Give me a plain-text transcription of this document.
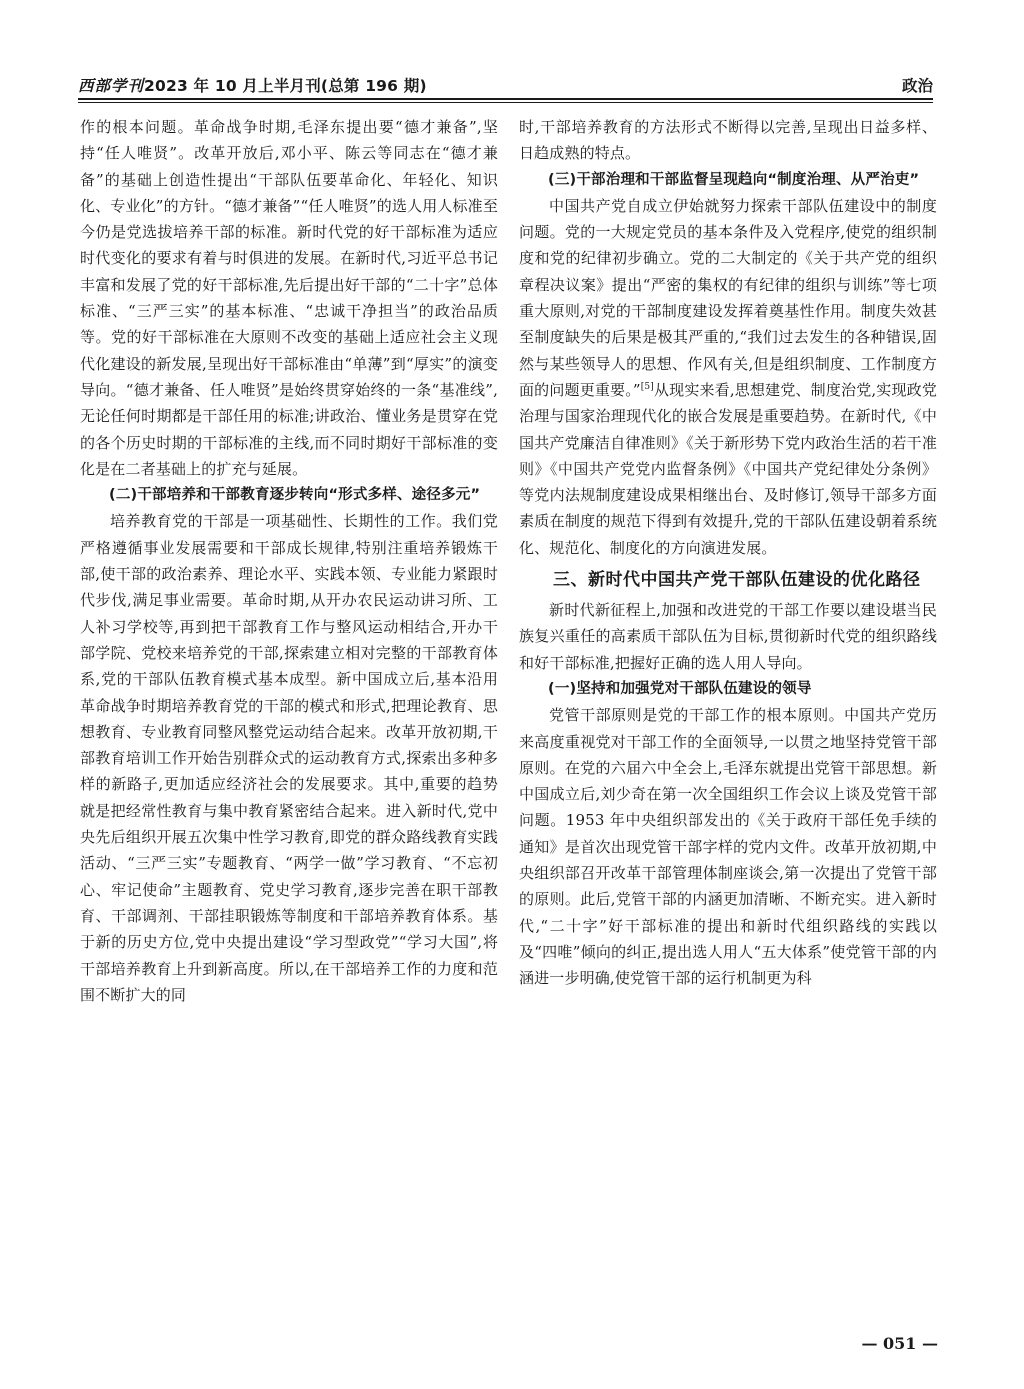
西部学刊2023 年 10 月上半月刊(总第 196 期)	政治

作的根本问题。革命战争时期,毛泽东提出要“德才兼备”,坚持“任人唯贤”。改革开放后,邓小平、陈云等同志在“德才兼备”的基础上创造性提出“干部队伍要革命化、年轻化、知识化、专业化”的方针。“德才兼备”“任人唯贤”的选人用人标准至今仍是党选拔培养干部的标准。新时代党的好干部标准为适应时代变化的要求有着与时俱进的发展。在新时代,习近平总书记丰富和发展了党的好干部标准,先后提出好干部的“二十字”总体标准、“三严三实”的基本标准、“忠诚干净担当”的政治品质等。党的好干部标准在大原则不改变的基础上适应社会主义现代化建设的新发展,呈现出好干部标准由“单薄”到“厚实”的演变导向。“德才兼备、任人唯贤”是始终贯穿始终的一条“基准线”,无论任何时期都是干部任用的标准;讲政治、懂业务是贯穿在党的各个历史时期的干部标准的主线,而不同时期好干部标准的变化是在二者基础上的扩充与延展。

(二)干部培养和干部教育逐步转向“形式多样、途径多元”

培养教育党的干部是一项基础性、长期性的工作。我们党严格遵循事业发展需要和干部成长规律,特别注重培养锻炼干部,使干部的政治素养、理论水平、实践本领、专业能力紧跟时代步伐,满足事业需要。革命时期,从开办农民运动讲习所、工人补习学校等,再到把干部教育工作与整风运动相结合,开办干部学院、党校来培养党的干部,探索建立相对完整的干部教育体系,党的干部队伍教育模式基本成型。新中国成立后,基本沿用革命战争时期培养教育党的干部的模式和形式,把理论教育、思想教育、专业教育同整风整党运动结合起来。改革开放初期,干部教育培训工作开始告别群众式的运动教育方式,探索出多种多样的新路子,更加适应经济社会的发展要求。其中,重要的趋势就是把经常性教育与集中教育紧密结合起来。进入新时代,党中央先后组织开展五次集中性学习教育,即党的群众路线教育实践活动、“三严三实”专题教育、“两学一做”学习教育、“不忘初心、牢记使命”主题教育、党史学习教育,逐步完善在职干部教育、干部调剂、干部挂职锻炼等制度和干部培养教育体系。基于新的历史方位,党中央提出建设“学习型政党”“学习大国”,将干部培养教育上升到新高度。所以,在干部培养工作的力度和范围不断扩大的同

时,干部培养教育的方法形式不断得以完善,呈现出日益多样、日趋成熟的特点。

(三)干部治理和干部监督呈现趋向“制度治理、从严治吏”

中国共产党自成立伊始就努力探索干部队伍建设中的制度问题。党的一大规定党员的基本条件及入党程序,使党的组织制度和党的纪律初步确立。党的二大制定的《关于共产党的组织章程决议案》提出“严密的集权的有纪律的组织与训练”等七项重大原则,对党的干部制度建设发挥着奠基性作用。制度失效甚至制度缺失的后果是极其严重的,“我们过去发生的各种错误,固然与某些领导人的思想、作风有关,但是组织制度、工作制度方面的问题更重要。”[5]从现实来看,思想建党、制度治党,实现政党治理与国家治理现代化的嵌合发展是重要趋势。在新时代,《中国共产党廉洁自律准则》《关于新形势下党内政治生活的若干准则》《中国共产党党内监督条例》《中国共产党纪律处分条例》等党内法规制度建设成果相继出台、及时修订,领导干部多方面素质在制度的规范下得到有效提升,党的干部队伍建设朝着系统化、规范化、制度化的方向演进发展。

三、新时代中国共产党干部队伍建设的优化路径

新时代新征程上,加强和改进党的干部工作要以建设堪当民族复兴重任的高素质干部队伍为目标,贯彻新时代党的组织路线和好干部标准,把握好正确的选人用人导向。

(一)坚持和加强党对干部队伍建设的领导

党管干部原则是党的干部工作的根本原则。中国共产党历来高度重视党对干部工作的全面领导,一以贯之地坚持党管干部原则。在党的六届六中全会上,毛泽东就提出党管干部思想。新中国成立后,刘少奇在第一次全国组织工作会议上谈及党管干部问题。1953 年中央组织部发出的《关于政府干部任免手续的通知》是首次出现党管干部字样的党内文件。改革开放初期,中央组织部召开改革干部管理体制座谈会,第一次提出了党管干部的原则。此后,党管干部的内涵更加清晰、不断充实。进入新时代,“二十字”好干部标准的提出和新时代组织路线的实践以及“四唯”倾向的纠正,提出选人用人“五大体系”使党管干部的内涵进一步明确,使党管干部的运行机制更为科

— 051 —
